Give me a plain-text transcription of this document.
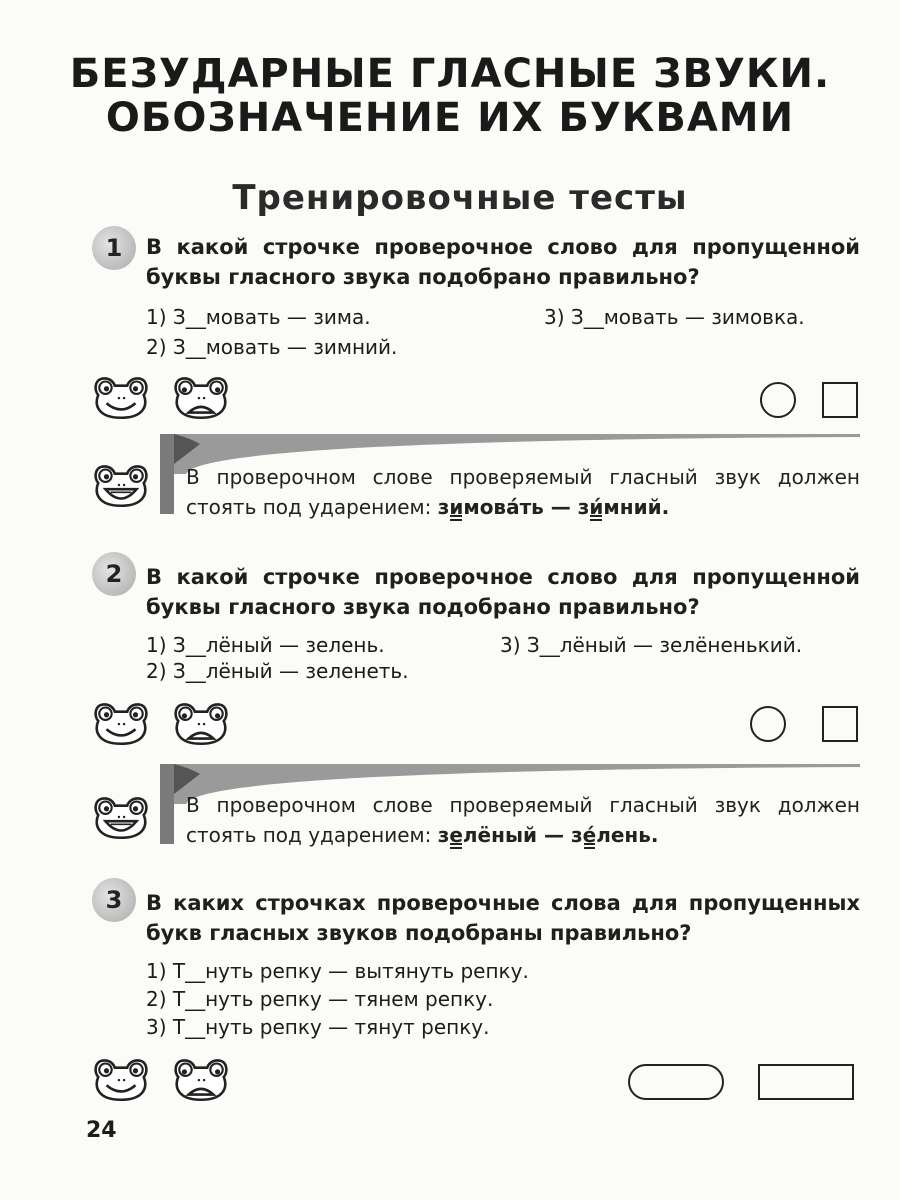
БЕЗУДАРНЫЕ ГЛАСНЫЕ ЗВУКИ.
ОБОЗНАЧЕНИЕ ИХ БУКВАМИ
Тренировочные тесты
1	В какой строчке проверочное слово для пропущенной буквы гласного звука подобрано правильно?
1) З__мовать — зима.
2) З__мовать — зимний.
3) З__мовать — зимовка.
В проверочном слове проверяемый гласный звук должен стоять под ударением: зимова́ть — зи́мний.
2	В какой строчке проверочное слово для пропущенной буквы гласного звука подобрано правильно?
1) З__лёный — зелень.
2) З__лёный — зеленеть.
3) З__лёный — зелёненький.
В проверочном слове проверяемый гласный звук должен стоять под ударением: зелёный — зе́лень.
3	В каких строчках проверочные слова для пропущенных букв гласных звуков подобраны правильно?
1) Т__нуть репку — вытянуть репку.
2) Т__нуть репку — тянем репку.
3) Т__нуть репку — тянут репку.
24
